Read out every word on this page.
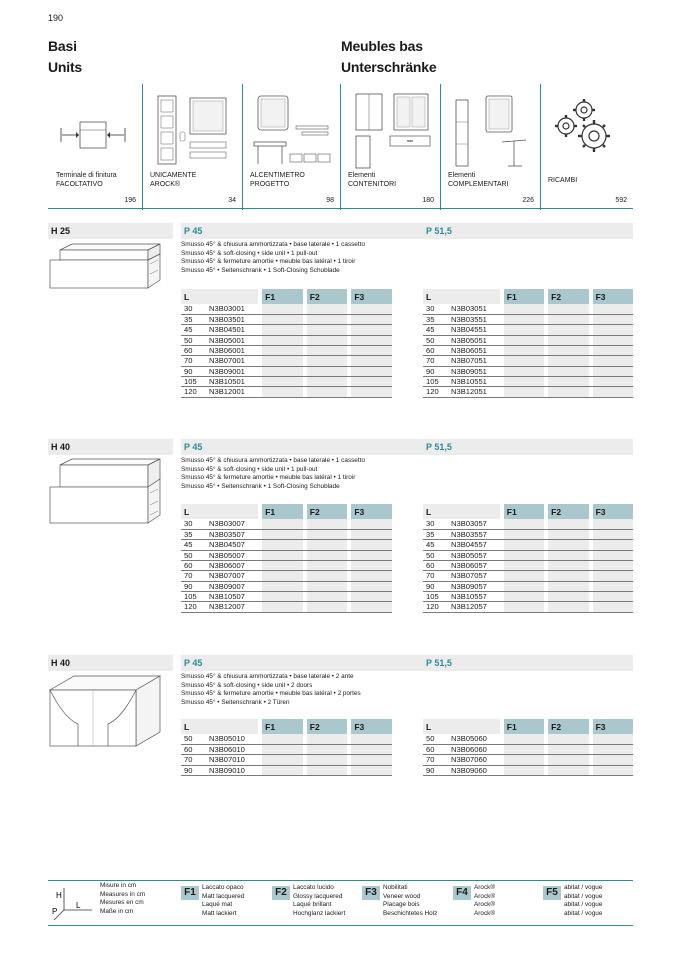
190
Basi
Units
Meubles bas
Unterschränke
Terminale di finitura
FACOLTATIVO
196
UNICAMENTE
AROCK®
34
ALCENTIMETRO
PROGETTO
98
Elementi
CONTENITORI
180
Elementi
COMPLEMENTARI
226
RICAMBI
592
H 25	P 45	P 51,5
Smusso 45° & chiusura ammortizzata • base laterale • 1 cassetto
Smusso 45° & soft-closing • side unit • 1 pull-out
Smusso 45° & fermeture amortie • meuble bas latéral • 1 tiroir
Smusso 45° • Seitenschrank • 1 Soft-Closing Schublade
L		F1		F2		F3
30 N3B03001						
35 N3B03501						
45 N3B04501						
50 N3B05001						
60 N3B06001						
70 N3B07001						
90 N3B09001						
105 N3B10501						
120 N3B12001						
L		F1		F2		F3
30 N3B03051						
35 N3B03551						
45 N3B04551						
50 N3B05051						
60 N3B06051						
70 N3B07051						
90 N3B09051						
105 N3B10551						
120 N3B12051						
H 40	P 45	P 51,5
Smusso 45° & chiusura ammortizzata • base laterale • 1 cassetto
Smusso 45° & soft-closing • side unit • 1 pull-out
Smusso 45° & fermeture amortie • meuble bas latéral • 1 tiroir
Smusso 45° • Seitenschrank • 1 Soft-Closing Schublade
L		F1		F2		F3
30 N3B03007						
35 N3B03507						
45 N3B04507						
50 N3B05007						
60 N3B06007						
70 N3B07007						
90 N3B09007						
105 N3B10507						
120 N3B12007						
L		F1		F2		F3
30 N3B03057						
35 N3B03557						
45 N3B04557						
50 N3B05057						
60 N3B06057						
70 N3B07057						
90 N3B09057						
105 N3B10557						
120 N3B12057						
H 40	P 45	P 51,5
Smusso 45° & chiusura ammortizzata • base laterale • 2 ante
Smusso 45° & soft-closing • side unit • 2 doors
Smusso 45° & fermeture amortie • meuble bas latéral • 2 portes
Smusso 45° • Seitenschrank • 2 Türen
L		F1		F2		F3
50 N3B05010						
60 N3B06010						
70 N3B07010						
90 N3B09010						
L		F1		F2		F3
50 N3B05060						
60 N3B06060						
70 N3B07060						
90 N3B09060						
H
L
P
Misure in cm
Measures in cm
Mesures en cm
Maße in cm
F1 Laccato opaco
Matt lacquered
Laqué mat
Matt lackiert
F2 Laccato lucido
Glossy lacquered
Laqué brillant
Hochglanz lackiert
F3 Nobilitati
Veneer wood
Placage bois
Beschichtetes Holz
F4 Arock®
Arock®
Arock®
Arock®
F5 abitat / vogue
abitat / vogue
abitat / vogue
abitat / vogue
